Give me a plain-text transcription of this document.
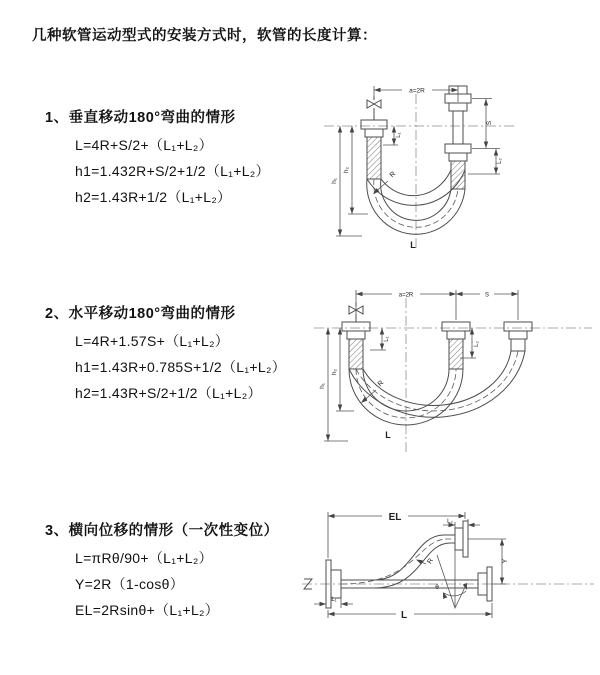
几种软管运动型式的安装方式时，软管的长度计算：
1、垂直移动180°弯曲的情形

L=4R+S/2+（L₁+L₂）

h1=1.432R+S/2+1/2（L₁+L₂）

h2=1.43R+1/2（L₁+L₂）

a=2R
h₁
h₂
L₁
S
L₂
R
L
2、水平移动180°弯曲的情形

L=4R+1.57S+（L₁+L₂）

h1=1.43R+0.785S+1/2（L₁+L₂）

h2=1.43R+S/2+1/2（L₁+L₂）

a=2R	S
h₁
h₂
L₁
L₂
R
L
3、横向位移的情形（一次性变位）

L=πRθ/90+（L₁+L₂）

Y=2R（1-cosθ）

EL=2Rsinθ+（L₁+L₂）

EL	L₂
Y
θ
R
L
L₁
